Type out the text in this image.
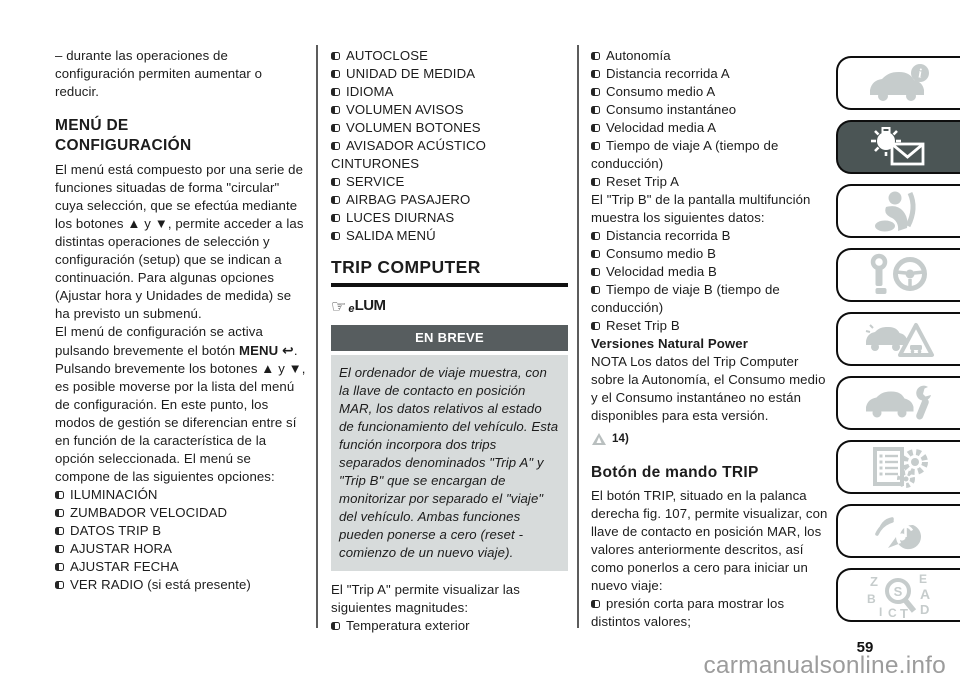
– durante las operaciones de configuración permiten aumentar o reducir.

MENÚ DE CONFIGURACIÓN

El menú está compuesto por una serie de funciones situadas de forma "circular" cuya selección, que se efectúa mediante los botones ▲ y ▼, permite acceder a las distintas operaciones de selección y configuración (setup) que se indican a continuación. Para algunas opciones (Ajustar hora y Unidades de medida) se ha previsto un submenú.

El menú de configuración se activa pulsando brevemente el botón MENU ↩. Pulsando brevemente los botones ▲ y ▼, es posible moverse por la lista del menú de configuración. En este punto, los modos de gestión se diferencian entre sí en función de la característica de la opción seleccionada. El menú se compone de las siguientes opciones:

ILUMINACIÓN
ZUMBADOR VELOCIDAD
DATOS TRIP B
AJUSTAR HORA
AJUSTAR FECHA
VER RADIO (si está presente)
AUTOCLOSE
UNIDAD DE MEDIDA
IDIOMA
VOLUMEN AVISOS
VOLUMEN BOTONES
AVISADOR ACÚSTICO CINTURONES
SERVICE
AIRBAG PASAJERO
LUCES DIURNAS
SALIDA MENÚ
TRIP COMPUTER
☞ e LUM
EN BREVE
El ordenador de viaje muestra, con la llave de contacto en posición MAR, los datos relativos al estado de funcionamiento del vehículo. Esta función incorpora dos trips separados denominados "Trip A" y "Trip B" que se encargan de monitorizar por separado el "viaje" del vehículo. Ambas funciones pueden ponerse a cero (reset - comienzo de un nuevo viaje).

El "Trip A" permite visualizar las siguientes magnitudes:

Temperatura exterior
Autonomía
Distancia recorrida A
Consumo medio A
Consumo instantáneo
Velocidad media A
Tiempo de viaje A (tiempo de conducción)
Reset Trip A

El "Trip B" de la pantalla multifunción muestra los siguientes datos:

Distancia recorrida B
Consumo medio B
Velocidad media B
Tiempo de viaje B (tiempo de conducción)
Reset Trip B

Versiones Natural Power

NOTA Los datos del Trip Computer sobre la Autonomía, el Consumo medio y el Consumo instantáneo no están disponibles para esta versión.

14)
Botón de mando TRIP

El botón TRIP, situado en la palanca derecha fig. 107, permite visualizar, con llave de contacto en posición MAR, los valores anteriormente descritos, así como ponerlos a cero para iniciar un nuevo viaje:

presión corta para mostrar los distintos valores;
i
Z	E
B	A
I C T D
S
59
carmanualsonline.info
